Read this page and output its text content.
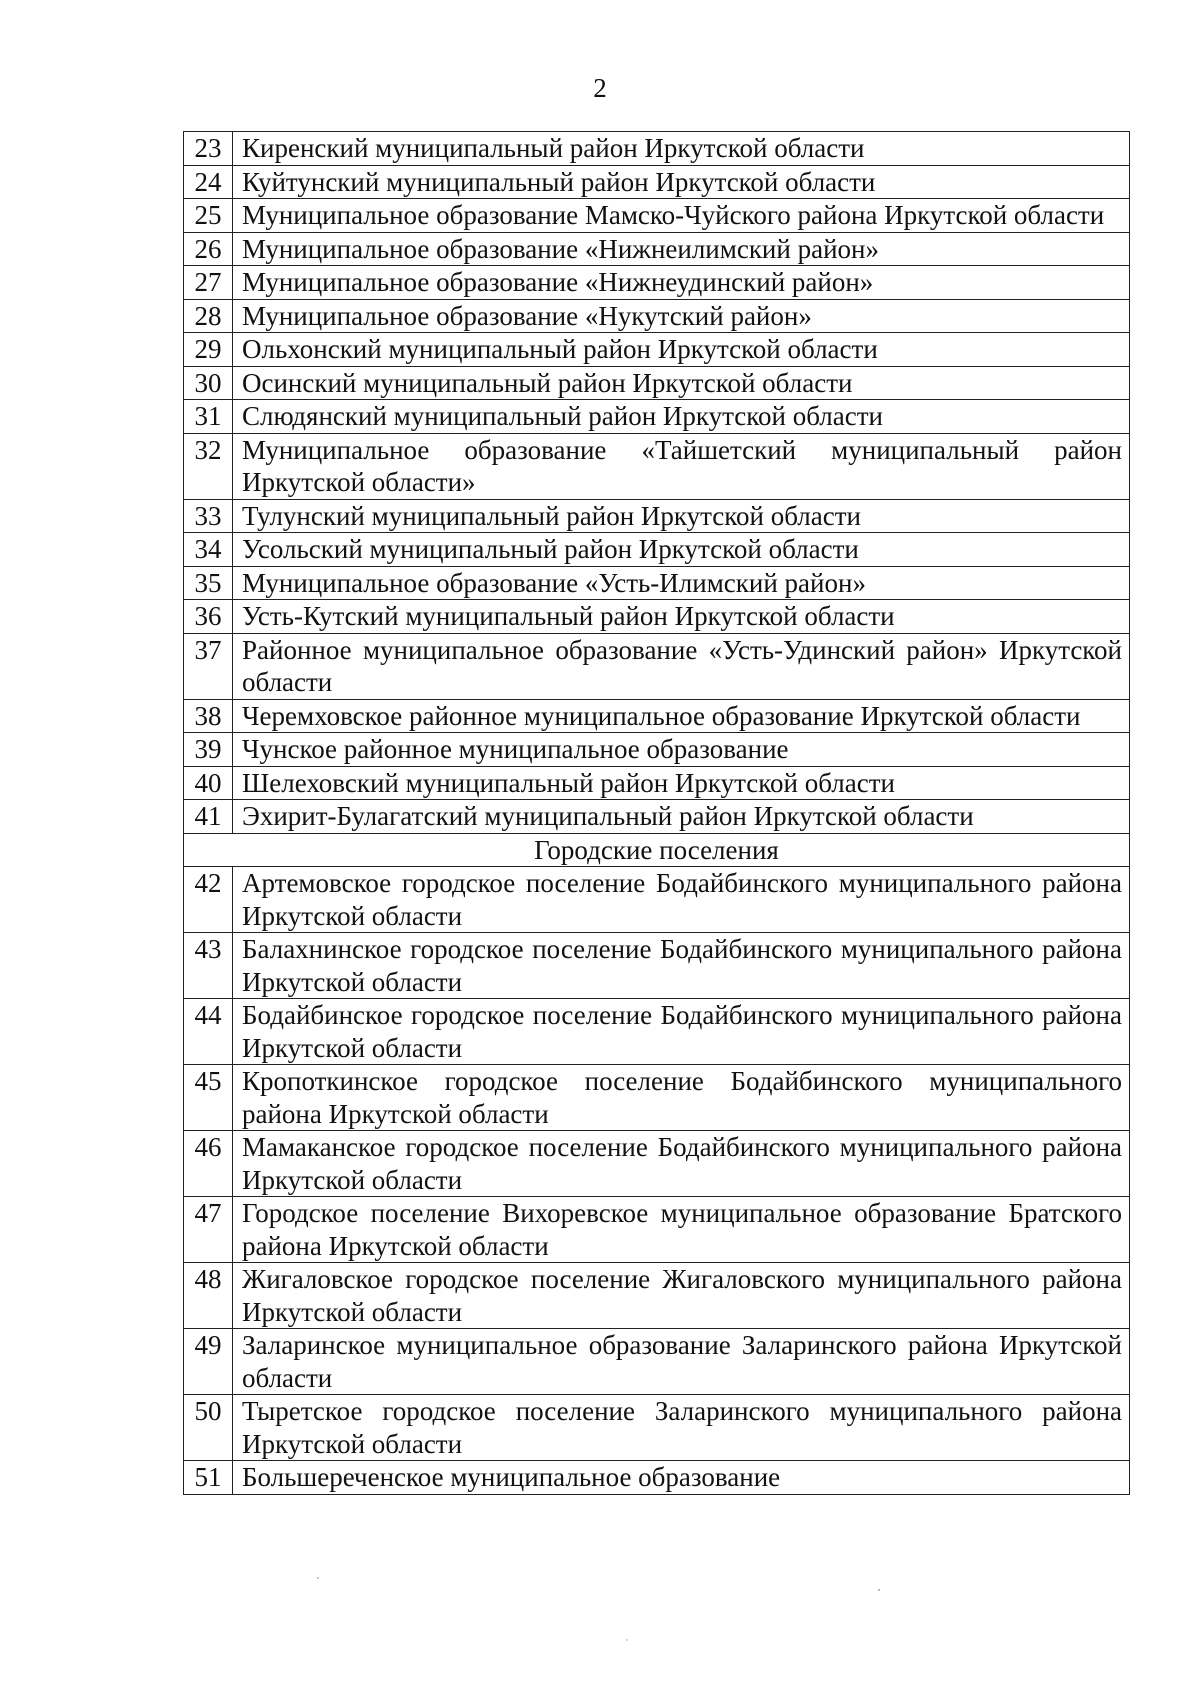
2
23	Киренский муниципальный район Иркутской области
24	Куйтунский муниципальный район Иркутской области
25	Муниципальное образование Мамско-Чуйского района Иркутской области
26	Муниципальное образование «Нижнеилимский район»
27	Муниципальное образование «Нижнеудинский район»
28	Муниципальное образование «Нукутский район»
29	Ольхонский муниципальный район Иркутской области
30	Осинский муниципальный район Иркутской области
31	Слюдянский муниципальный район Иркутской области
32	Муниципальное образование «Тайшетский муниципальный район Иркутской области»
33	Тулунский муниципальный район Иркутской области
34	Усольский муниципальный район Иркутской области
35	Муниципальное образование «Усть-Илимский район»
36	Усть-Кутский муниципальный район Иркутской области
37	Районное муниципальное образование «Усть-Удинский район» Иркутской области
38	Черемховское районное муниципальное образование Иркутской области
39	Чунское районное муниципальное образование
40	Шелеховский муниципальный район Иркутской области
41	Эхирит-Булагатский муниципальный район Иркутской области
Городские поселения	
42	Артемовское городское поселение Бодайбинского муниципального района Иркутской области
43	Балахнинское городское поселение Бодайбинского муниципального района Иркутской области
44	Бодайбинское городское поселение Бодайбинского муниципального района Иркутской области
45	Кропоткинское городское поселение Бодайбинского муниципального района Иркутской области
46	Мамаканское городское поселение Бодайбинского муниципального района Иркутской области
47	Городское поселение Вихоревское муниципальное образование Братского района Иркутской области
48	Жигаловское городское поселение Жигаловского муниципального района Иркутской области
49	Заларинское муниципальное образование Заларинского района Иркутской области
50	Тыретское городское поселение Заларинского муниципального района Иркутской области
51	Большереченское муниципальное образование
